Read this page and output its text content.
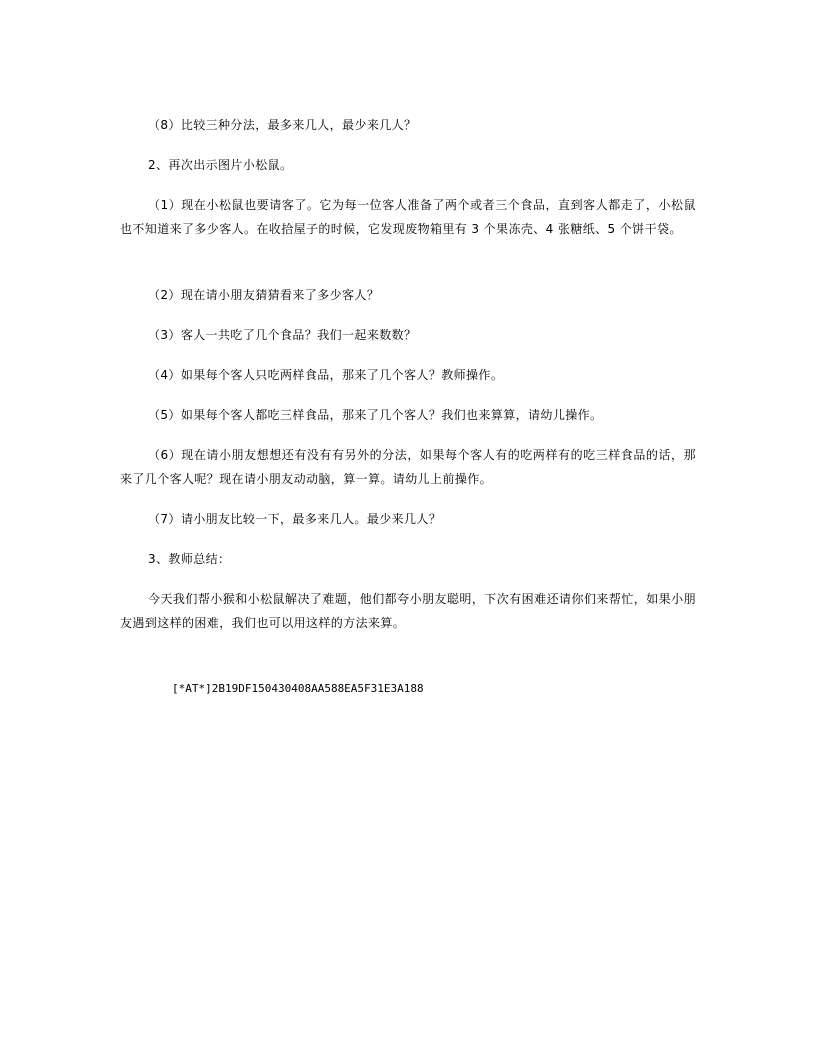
（8）比较三种分法，最多来几人，最少来几人？
2、再次出示图片小松鼠。
（1）现在小松鼠也要请客了。它为每一位客人准备了两个或者三个食品，直到客人都走了，小松鼠也不知道来了多少客人。在收拾屋子的时候，它发现废物箱里有 3 个果冻壳、4 张糖纸、5 个饼干袋。
（2）现在请小朋友猜猜看来了多少客人？
（3）客人一共吃了几个食品？我们一起来数数？
（4）如果每个客人只吃两样食品，那来了几个客人？教师操作。
（5）如果每个客人都吃三样食品，那来了几个客人？我们也来算算，请幼儿操作。
（6）现在请小朋友想想还有没有有另外的分法，如果每个客人有的吃两样有的吃三样食品的话，那来了几个客人呢？现在请小朋友动动脑，算一算。请幼儿上前操作。
（7）请小朋友比较一下，最多来几人。最少来几人？
3、教师总结：
今天我们帮小猴和小松鼠解决了难题，他们都夸小朋友聪明，下次有困难还请你们来帮忙，如果小朋友遇到这样的困难，我们也可以用这样的方法来算。
[*AT*]2B19DF150430408AA588EA5F31E3A188
